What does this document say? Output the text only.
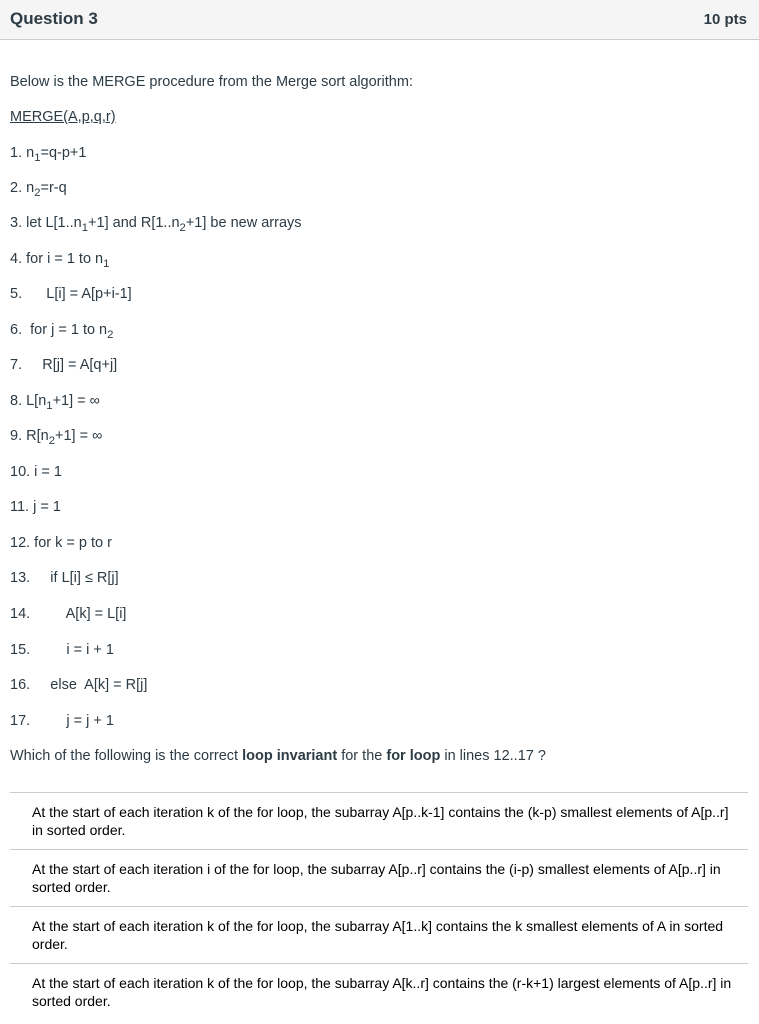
Question 3	10 pts
Below is the MERGE procedure from the Merge sort algorithm:
MERGE(A,p,q,r)
1. $n_1=q-p+1$
2. $n_2=r-q$
3. let $L[1..n_1+1]$ and $R[1..n_2+1]$ be new arrays
4. for i = 1 to $n_1$
5.      L[i] = A[p+i-1]
6.  for j = 1 to $n_2$
7.     R[j] = A[q+j]
8. $L[n_1+1]$ = ∞
9. $R[n_2+1]$ = ∞
10. i = 1
11. j = 1
12. for k = p to r
13.     if L[i] ≤ R[j]
14.         A[k] = L[i]
15.         i = i + 1
16.     else  A[k] = R[j]
17.         j = j + 1
Which of the following is the correct loop invariant for the for loop in lines 12..17 ?
At the start of each iteration k of the for loop, the subarray A[p..k-1] contains the (k-p) smallest elements of A[p..r] in sorted order.
At the start of each iteration i of the for loop, the subarray A[p..r] contains the (i-p) smallest elements of A[p..r] in sorted order.
At the start of each iteration k of the for loop, the subarray A[1..k] contains the k smallest elements of A in sorted order.
At the start of each iteration k of the for loop, the subarray A[k..r] contains the (r-k+1) largest elements of A[p..r] in sorted order.
